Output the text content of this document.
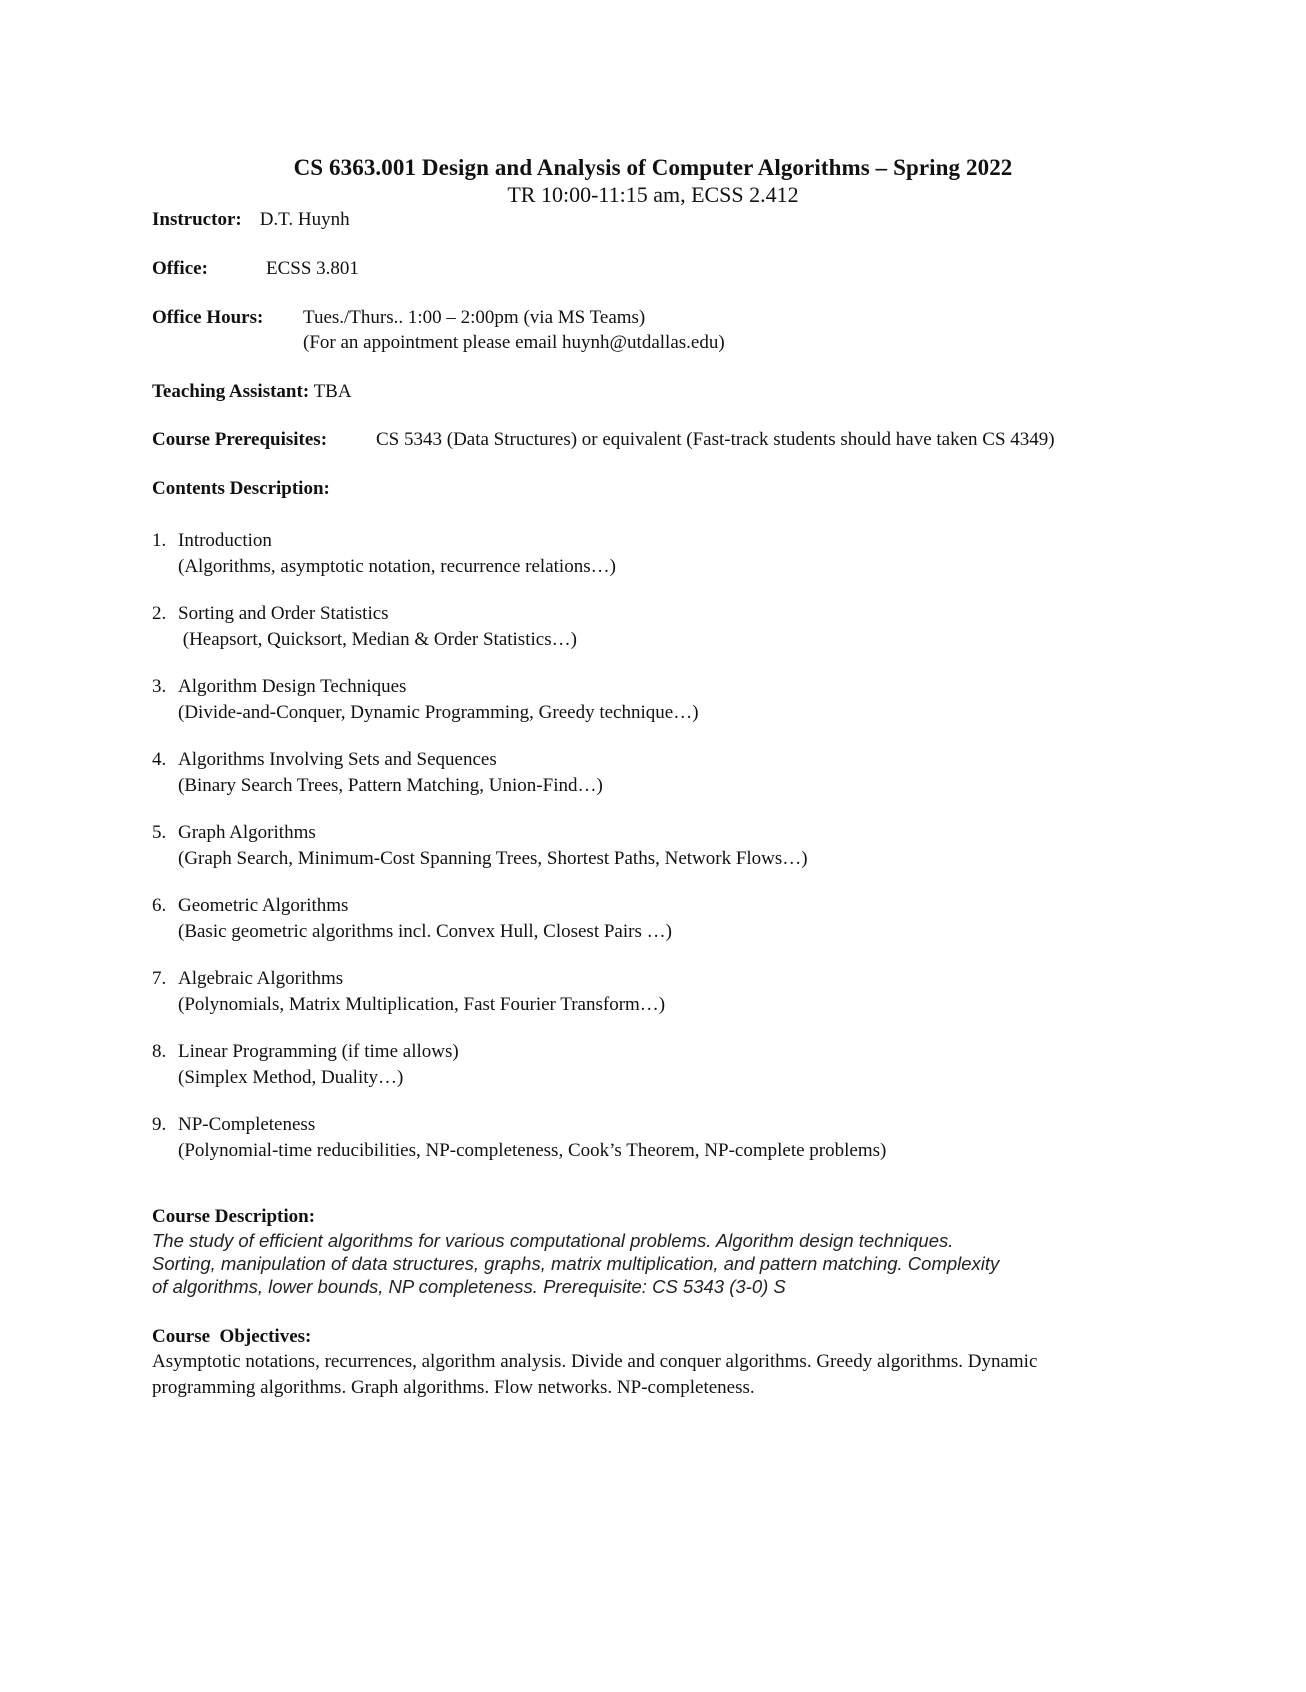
CS 6363.001 Design and Analysis of Computer Algorithms – Spring 2022
TR 10:00-11:15 am, ECSS 2.412
Instructor: D.T. Huynh
Office:	ECSS 3.801
Office Hours: Tues./Thurs.. 1:00 – 2:00pm (via MS Teams)
(For an appointment please email huynh@utdallas.edu)
Teaching Assistant: TBA
Course Prerequisites:	CS 5343 (Data Structures) or equivalent (Fast-track students should have taken CS 4349)
Contents Description:
1. Introduction
(Algorithms, asymptotic notation, recurrence relations…)
2. Sorting and Order Statistics
(Heapsort, Quicksort, Median & Order Statistics…)
3. Algorithm Design Techniques
(Divide-and-Conquer, Dynamic Programming, Greedy technique…)
4. Algorithms Involving Sets and Sequences
(Binary Search Trees, Pattern Matching, Union-Find…)
5. Graph Algorithms
(Graph Search, Minimum-Cost Spanning Trees, Shortest Paths, Network Flows…)
6. Geometric Algorithms
(Basic geometric algorithms incl. Convex Hull, Closest Pairs …)
7. Algebraic Algorithms
(Polynomials, Matrix Multiplication, Fast Fourier Transform…)
8. Linear Programming (if time allows)
(Simplex Method, Duality…)
9. NP-Completeness
(Polynomial-time reducibilities, NP-completeness, Cook’s Theorem, NP-complete problems)
Course Description:
The study of efficient algorithms for various computational problems. Algorithm design techniques.
Sorting, manipulation of data structures, graphs, matrix multiplication, and pattern matching. Complexity
of algorithms, lower bounds, NP completeness. Prerequisite: CS 5343 (3-0) S
Course  Objectives:
Asymptotic notations, recurrences, algorithm analysis. Divide and conquer algorithms. Greedy algorithms. Dynamic
programming algorithms. Graph algorithms. Flow networks. NP-completeness.
